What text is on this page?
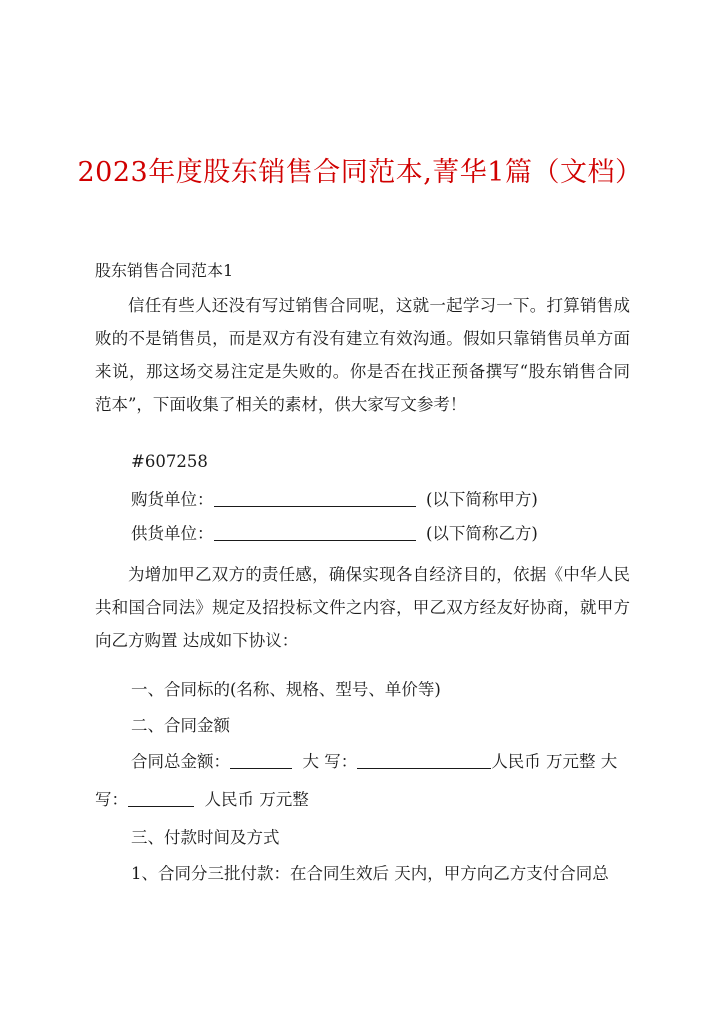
2023年度股东销售合同范本,菁华1篇（文档）
股东销售合同范本1

信任有些人还没有写过销售合同呢，这就一起学习一下。打算销售成败的不是销售员，而是双方有没有建立有效沟通。假如只靠销售员单方面来说，那这场交易注定是失败的。你是否在找正预备撰写“股东销售合同范本”，下面收集了相关的素材，供大家写文参考！

#607258
购货单位：	(以下简称甲方)
供货单位：	(以下简称乙方)

为增加甲乙双方的责任感，确保实现各自经济目的，依据《中华人民共和国合同法》规定及招投标文件之内容，甲乙双方经友好协商，就甲方向乙方购置 达成如下协议：

一、合同标的(名称、规格、型号、单价等)
二、合同金额
合同总金额：	大 写：	人民币 万元整 大
写：	人民币 万元整
三、付款时间及方式
1、合同分三批付款：在合同生效后 天内，甲方向乙方支付合同总
